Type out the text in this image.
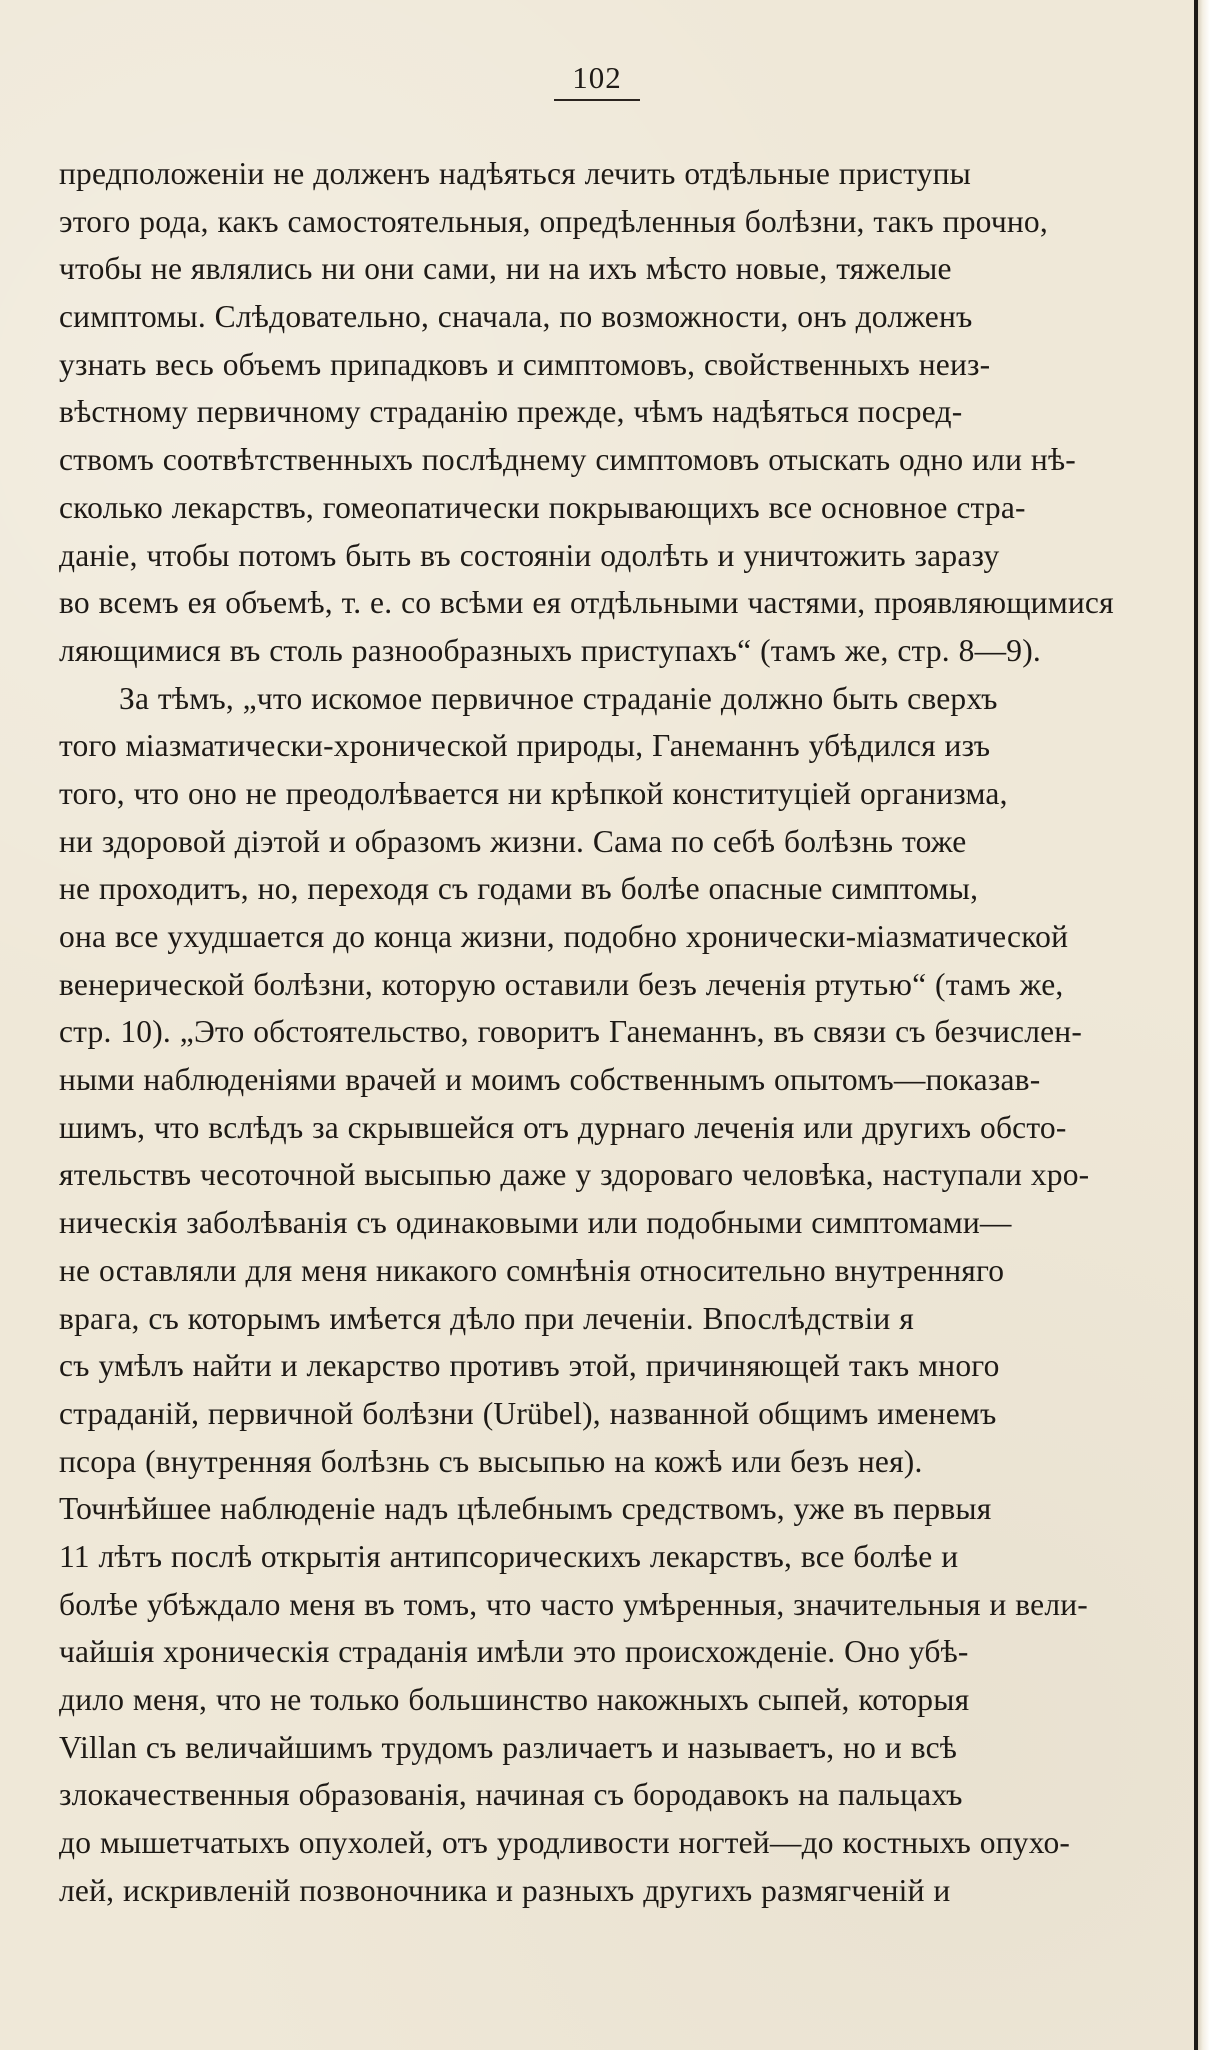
102
предположеніи не долженъ надѣяться лечить отдѣльные приступы
этого рода, какъ самостоятельныя, опредѣленныя болѣзни, такъ прочно,
чтобы не являлись ни они сами, ни на ихъ мѣсто новые, тяжелые
симптомы. Слѣдовательно, сначала, по возможности, онъ долженъ
узнать весь объемъ припадковъ и симптомовъ, свойственныхъ неиз-
вѣстному первичному страданію прежде, чѣмъ надѣяться посред-
ствомъ соотвѣтственныхъ послѣднему симптомовъ отыскать одно или нѣ-
сколько лекарствъ, гомеопатически покрывающихъ все основное стра-
даніе, чтобы потомъ быть въ состояніи одолѣть и уничтожить заразу
во всемъ ея объемѣ, т. е. со всѣми ея отдѣльными частями, проявляющимися
ляющимися въ столь разнообразныхъ приступахъ“ (тамъ же, стр. 8—9).
За тѣмъ, „что искомое первичное страданіе должно быть сверхъ
того міазматически-хронической природы, Ганеманнъ убѣдился изъ
того, что оно не преодолѣвается ни крѣпкой конституціей организма,
ни здоровой діэтой и образомъ жизни. Сама по себѣ болѣзнь тоже
не проходитъ, но, переходя съ годами въ болѣе опасные симптомы,
она все ухудшается до конца жизни, подобно хронически-міазматической
венерической болѣзни, которую оставили безъ леченія ртутью“ (тамъ же,
стр. 10). „Это обстоятельство, говоритъ Ганеманнъ, въ связи съ безчислен-
ными наблюденіями врачей и моимъ собственнымъ опытомъ—показав-
шимъ, что вслѣдъ за скрывшейся отъ дурнаго леченія или другихъ обсто-
ятельствъ чесоточной высыпью даже у здороваго человѣка, наступали хро-
ническія заболѣванія съ одинаковыми или подобными симптомами—
не оставляли для меня никакого сомнѣнія относительно внутренняго
врага, съ которымъ имѣется дѣло при леченіи. Впослѣдствіи я
съ умѣлъ найти и лекарство противъ этой, причиняющей такъ много
страданій, первичной болѣзни (Urübel), названной общимъ именемъ
псора (внутренняя болѣзнь съ высыпью на кожѣ или безъ нея).
Точнѣйшее наблюденіе надъ цѣлебнымъ средствомъ, уже въ первыя
11 лѣтъ послѣ открытія антипсорическихъ лекарствъ, все болѣе и
болѣе убѣждало меня въ томъ, что часто умѣренныя, значительныя и вели-
чайшія хроническія страданія имѣли это происхожденіе. Оно убѣ-
дило меня, что не только большинство накожныхъ сыпей, которыя
Villan съ величайшимъ трудомъ различаетъ и называетъ, но и всѣ
злокачественныя образованія, начиная съ бородавокъ на пальцахъ
до мышетчатыхъ опухолей, отъ уродливости ногтей—до костныхъ опухо-
лей, искривленій позвоночника и разныхъ другихъ размягченій и
